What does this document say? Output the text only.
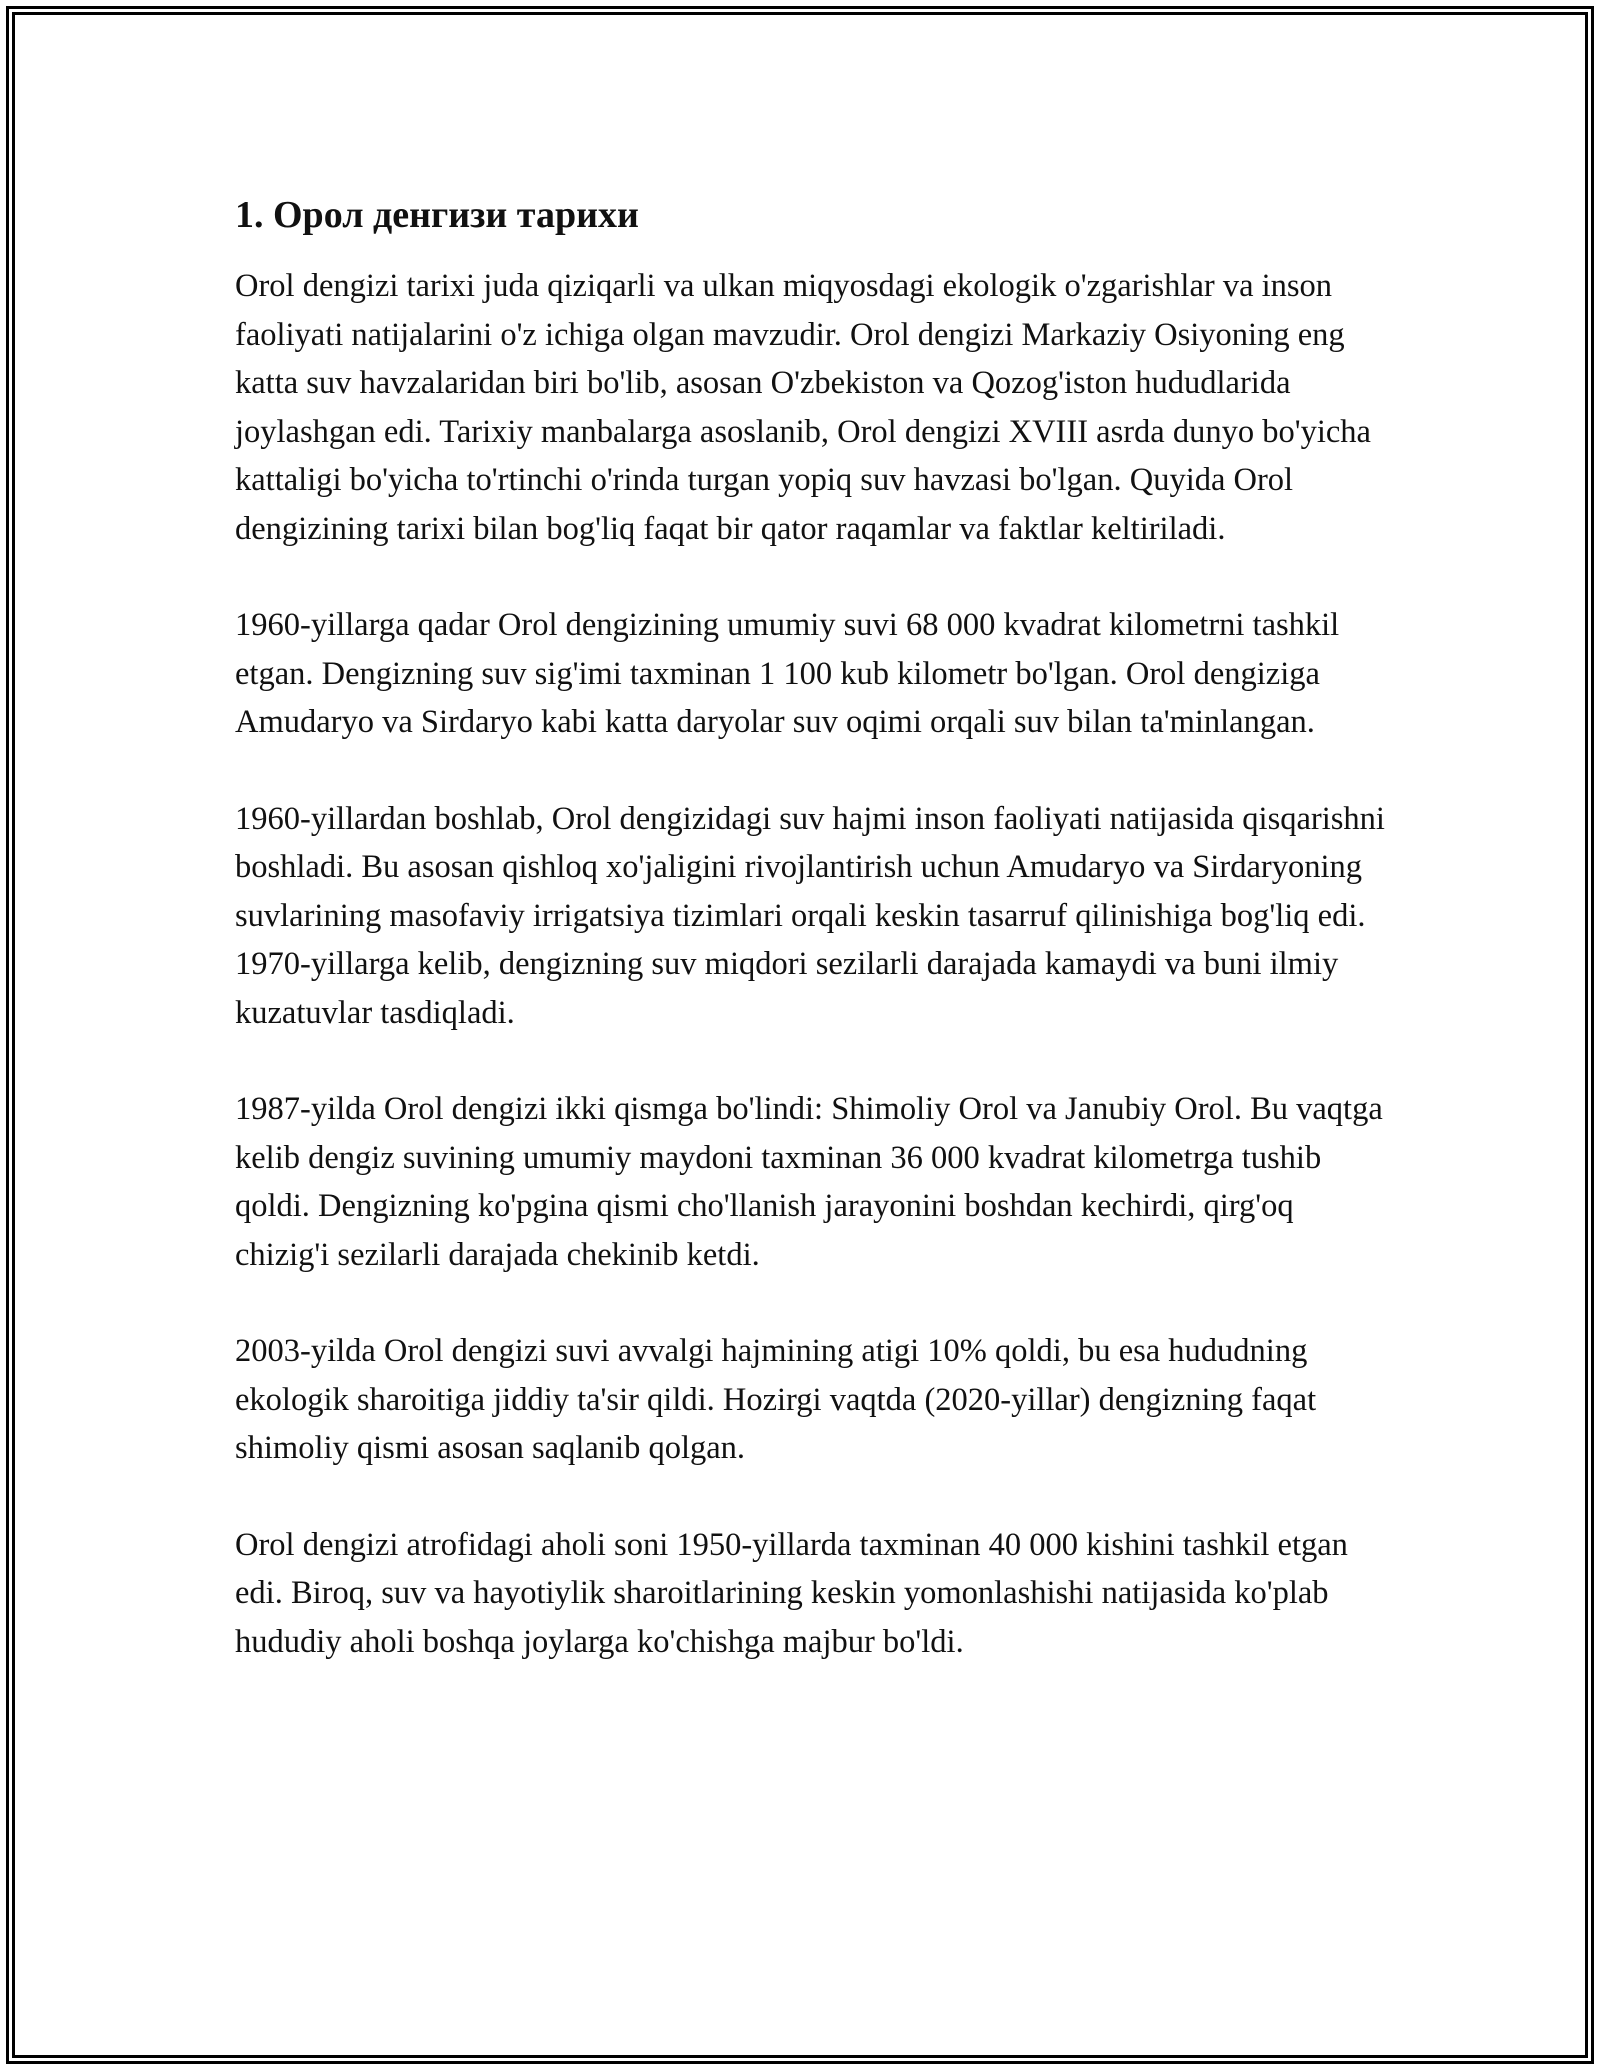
1. Орол денгизи тарихи

Orol dengizi tarixi juda qiziqarli va ulkan miqyosdagi ekologik o'zgarishlar va inson faoliyati natijalarini o'z ichiga olgan mavzudir. Orol dengizi Markaziy Osiyoning eng katta suv havzalaridan biri bo'lib, asosan O'zbekiston va Qozog'iston hududlarida joylashgan edi. Tarixiy manbalarga asoslanib, Orol dengizi XVIII asrda dunyo bo'yicha kattaligi bo'yicha to'rtinchi o'rinda turgan yopiq suv havzasi bo'lgan. Quyida Orol dengizining tarixi bilan bog'liq faqat bir qator raqamlar va faktlar keltiriladi.

1960-yillarga qadar Orol dengizining umumiy suvi 68 000 kvadrat kilometrni tashkil etgan. Dengizning suv sig'imi taxminan 1 100 kub kilometr bo'lgan. Orol dengiziga Amudaryo va Sirdaryo kabi katta daryolar suv oqimi orqali suv bilan ta'minlangan.

1960-yillardan boshlab, Orol dengizidagi suv hajmi inson faoliyati natijasida qisqarishni boshladi. Bu asosan qishloq xo'jaligini rivojlantirish uchun Amudaryo va Sirdaryoning suvlarining masofaviy irrigatsiya tizimlari orqali keskin tasarruf qilinishiga bog'liq edi. 1970-yillarga kelib, dengizning suv miqdori sezilarli darajada kamaydi va buni ilmiy kuzatuvlar tasdiqladi.

1987-yilda Orol dengizi ikki qismga bo'lindi: Shimoliy Orol va Janubiy Orol. Bu vaqtga kelib dengiz suvining umumiy maydoni taxminan 36 000 kvadrat kilometrga tushib qoldi. Dengizning ko'pgina qismi cho'llanish jarayonini boshdan kechirdi, qirg'oq chizig'i sezilarli darajada chekinib ketdi.

2003-yilda Orol dengizi suvi avvalgi hajmining atigi 10% qoldi, bu esa hududning ekologik sharoitiga jiddiy ta'sir qildi. Hozirgi vaqtda (2020-yillar) dengizning faqat shimoliy qismi asosan saqlanib qolgan.

Orol dengizi atrofidagi aholi soni 1950-yillarda taxminan 40 000 kishini tashkil etgan edi. Biroq, suv va hayotiylik sharoitlarining keskin yomonlashishi natijasida ko'plab hududiy aholi boshqa joylarga ko'chishga majbur bo'ldi.
